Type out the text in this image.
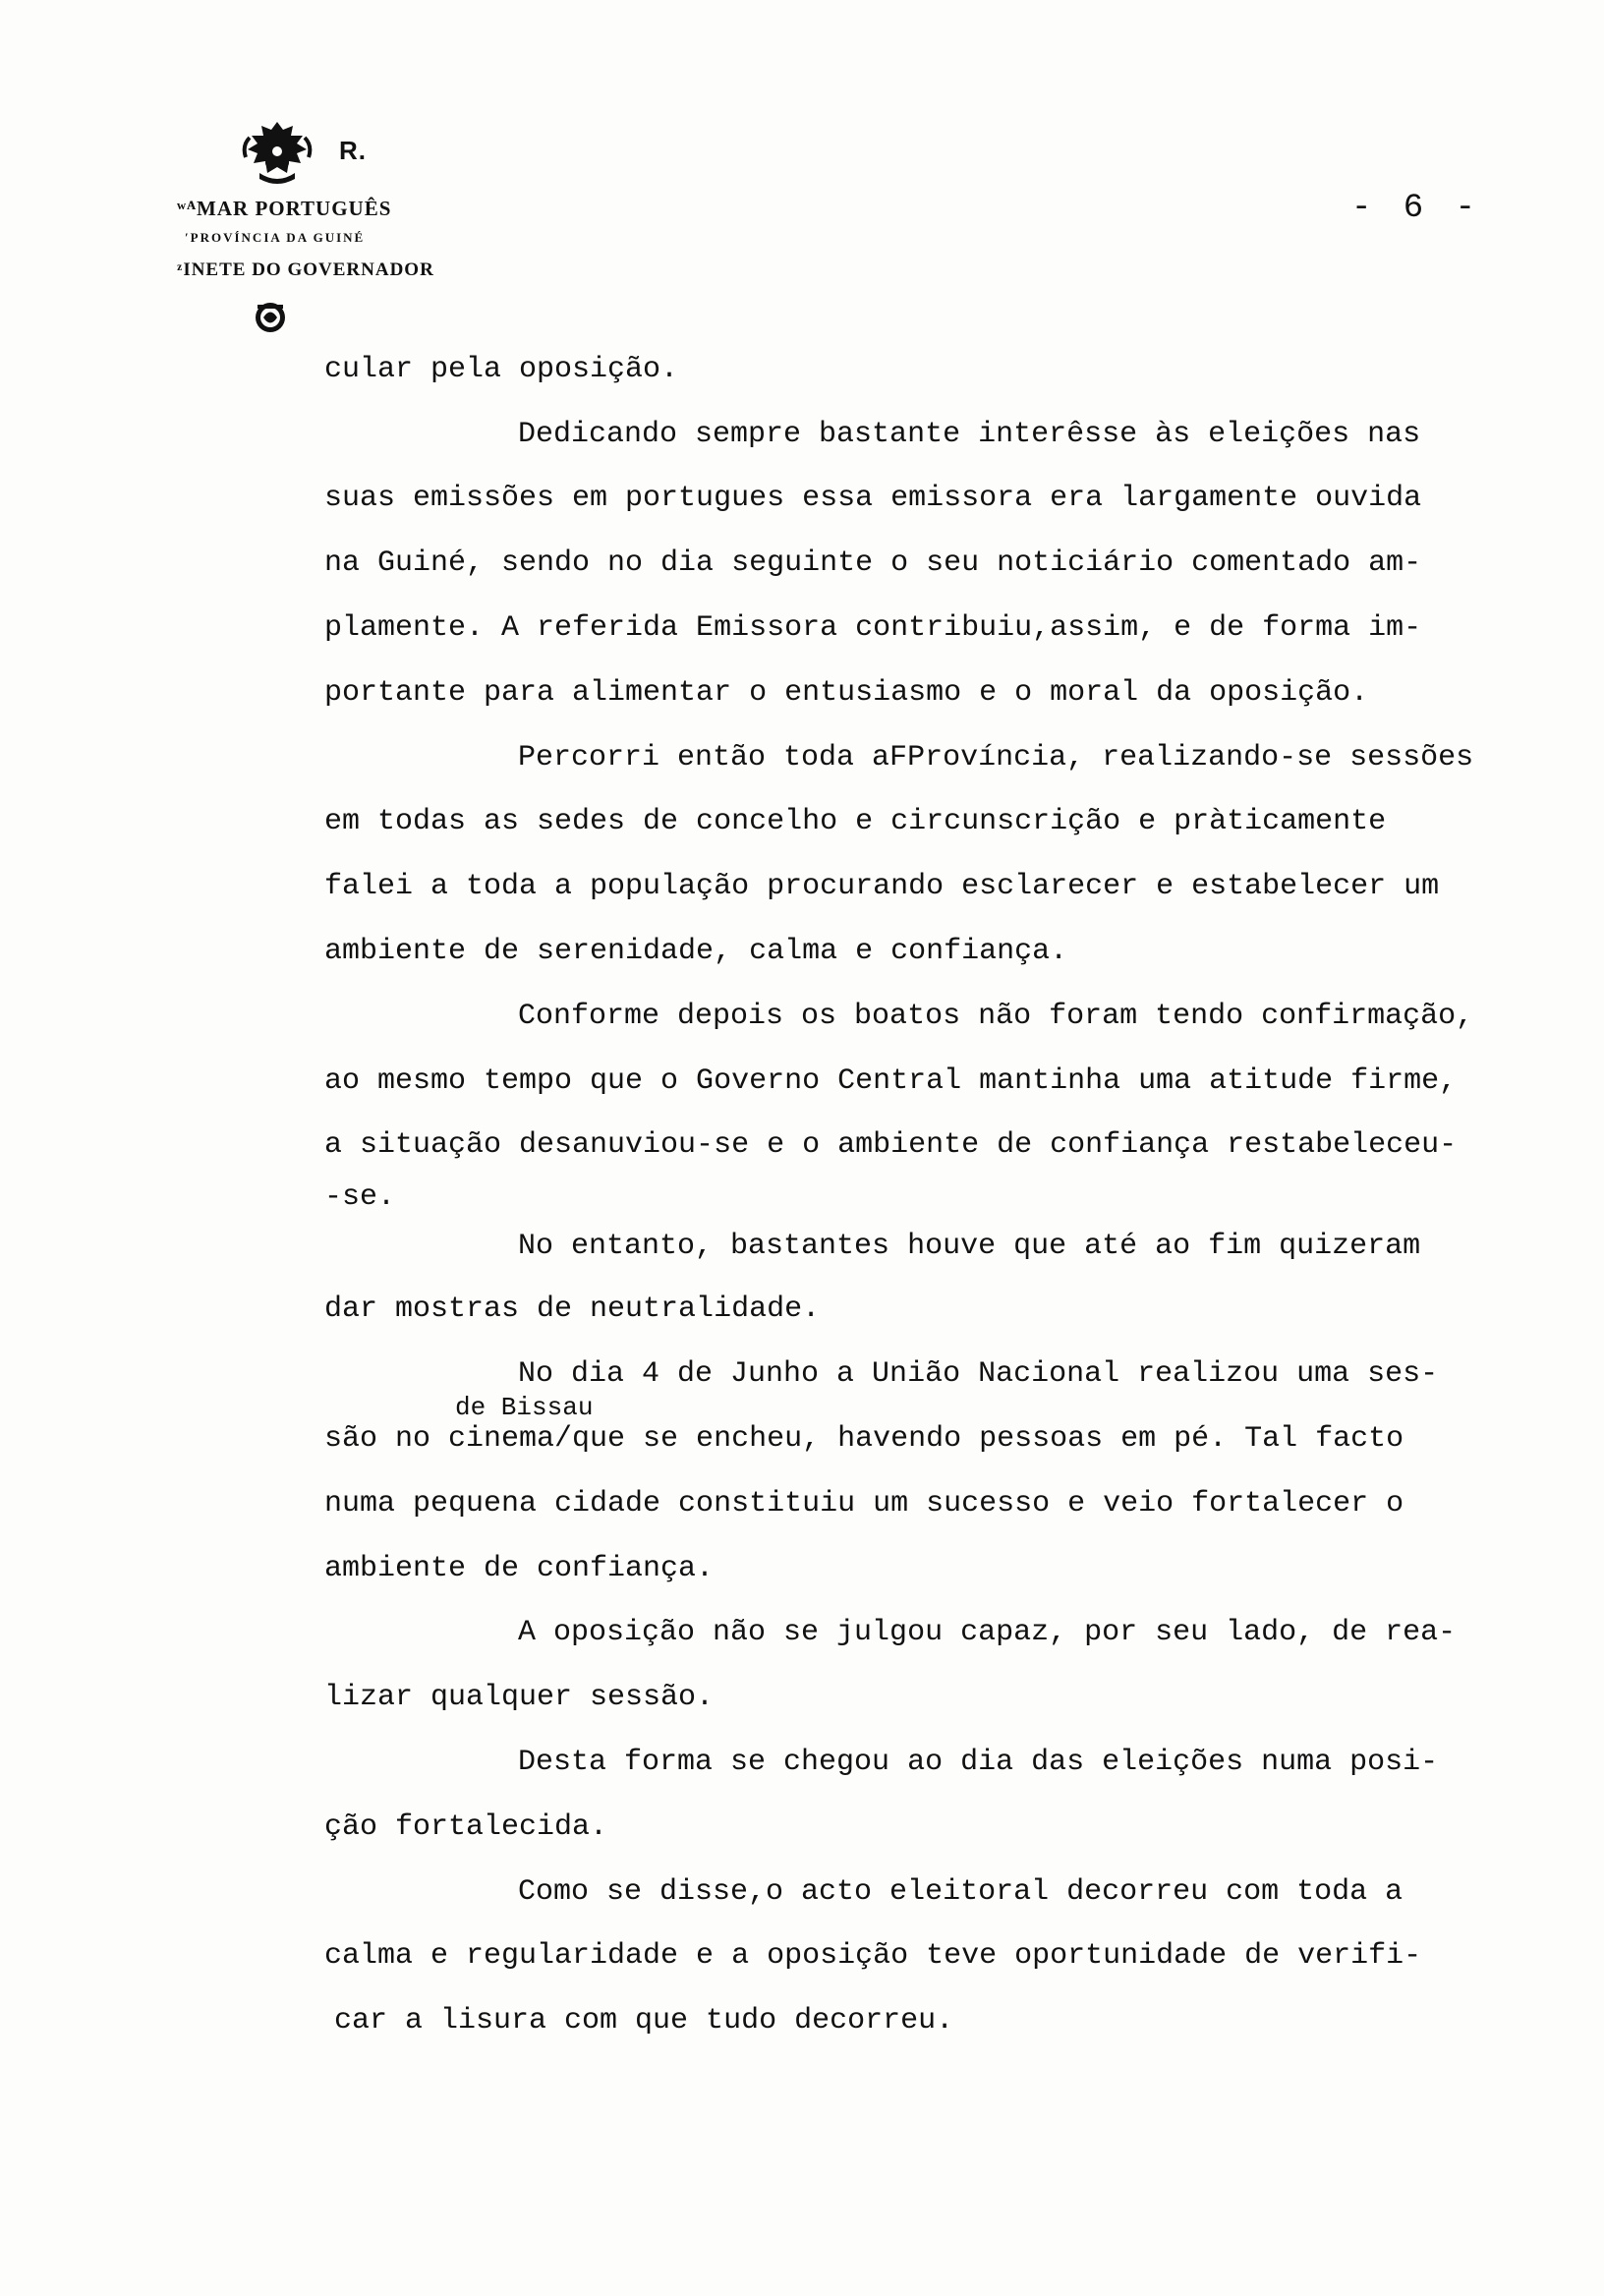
R.
ʷᴬMAR PORTUGUÊS
ʹPROVÍNCIA DA GUINÉ
ᶻINETE DO GOVERNADOR
- 6 -
cular pela oposição.
Dedicando sempre bastante interêsse às eleições nas
suas emissões em portugues essa emissora era largamente ouvida
na Guiné, sendo no dia seguinte o seu noticiário comentado am-
plamente. A referida Emissora contribuiu,assim, e de forma im-
portante para alimentar o entusiasmo e o moral da oposição.
Percorri então toda aFProvíncia, realizando-se sessões
em todas as sedes de concelho e circunscrição e pràticamente
falei a toda a população procurando esclarecer e estabelecer um
ambiente de serenidade, calma e confiança.
Conforme depois os boatos não foram tendo confirmação,
ao mesmo tempo que o Governo Central mantinha uma atitude firme,
a situação desanuviou-se e o ambiente de confiança restabeleceu-
-se.
No entanto, bastantes houve que até ao fim quizeram
dar mostras de neutralidade.
No dia 4 de Junho a União Nacional realizou uma ses-
de Bissau
são no cinema/que se encheu, havendo pessoas em pé. Tal facto
numa pequena cidade constituiu um sucesso e veio fortalecer o
ambiente de confiança.
A oposição não se julgou capaz, por seu lado, de rea-
lizar qualquer sessão.
Desta forma se chegou ao dia das eleições numa posi-
ção fortalecida.
Como se disse,o acto eleitoral decorreu com toda a
calma e regularidade e a oposição teve oportunidade de verifi-
car a lisura com que tudo decorreu.
